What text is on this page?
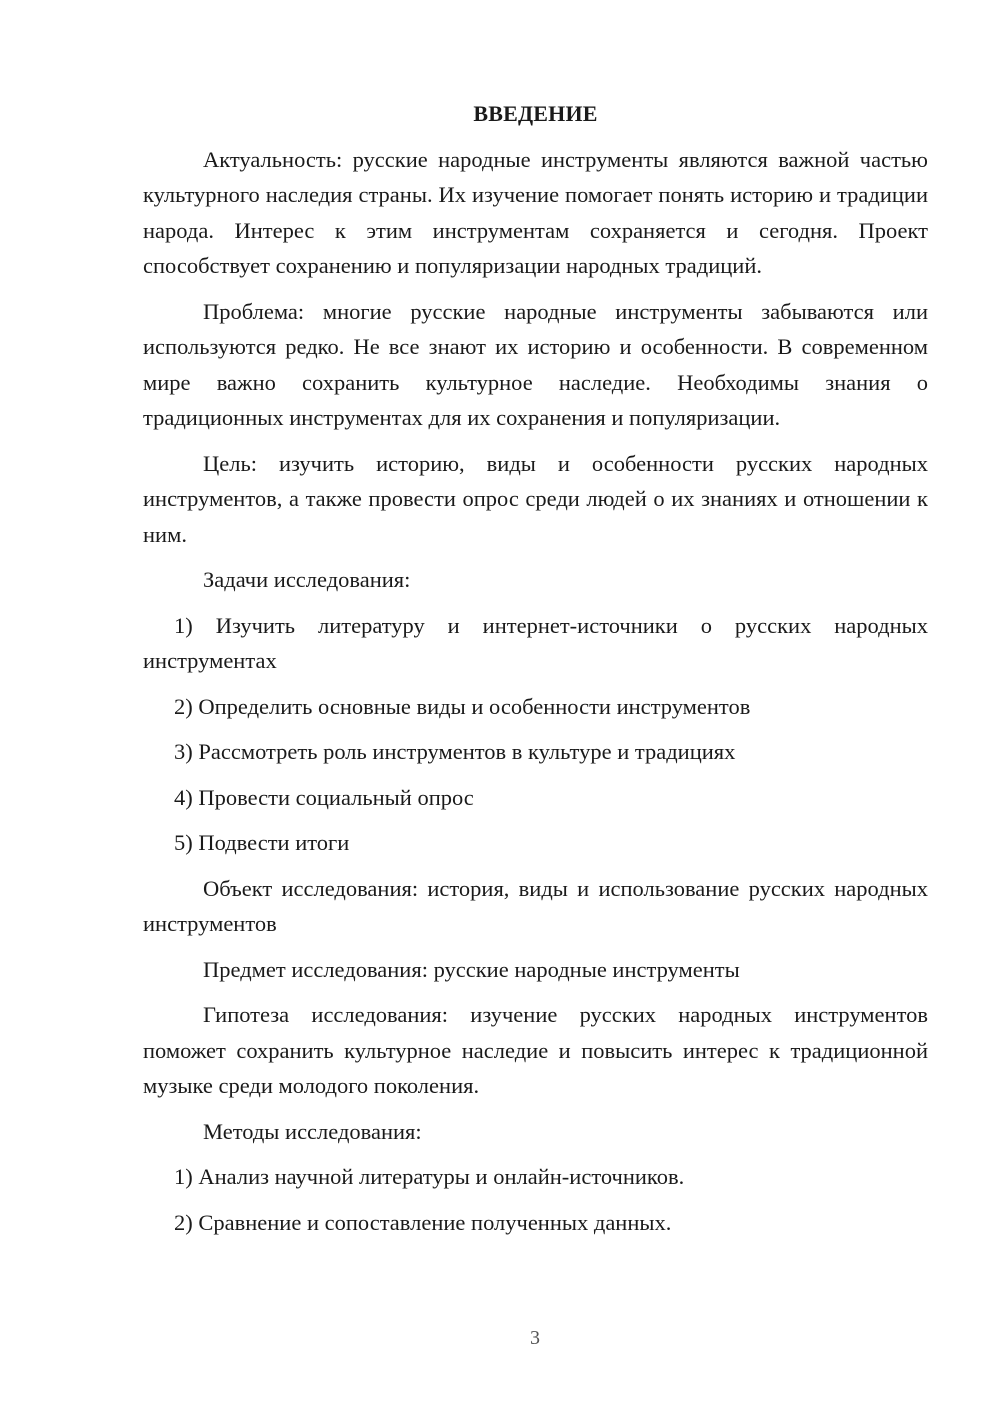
ВВЕДЕНИЕ
Актуальность: русские народные инструменты являются важной частью культурного наследия страны. Их изучение помогает понять историю и традиции народа. Интерес к этим инструментам сохраняется и сегодня. Проект способствует сохранению и популяризации народных традиций.
Проблема: многие русские народные инструменты забываются или используются редко. Не все знают их историю и особенности. В современном мире важно сохранить культурное наследие. Необходимы знания о традиционных инструментах для их сохранения и популяризации.
Цель: изучить историю, виды и особенности русских народных инструментов, а также провести опрос среди людей о их знаниях и отношении к ним.
Задачи исследования:
1) Изучить литературу и интернет-источники о русских народных инструментах
2) Определить основные виды и особенности инструментов
3) Рассмотреть роль инструментов в культуре и традициях
4) Провести социальный опрос
5) Подвести итоги
Объект исследования: история, виды и использование русских народных инструментов
Предмет исследования: русские народные инструменты
Гипотеза исследования: изучение русских народных инструментов поможет сохранить культурное наследие и повысить интерес к традиционной музыке среди молодого поколения.
Методы исследования:
1) Анализ научной литературы и онлайн-источников.
2) Сравнение и сопоставление полученных данных.
3
